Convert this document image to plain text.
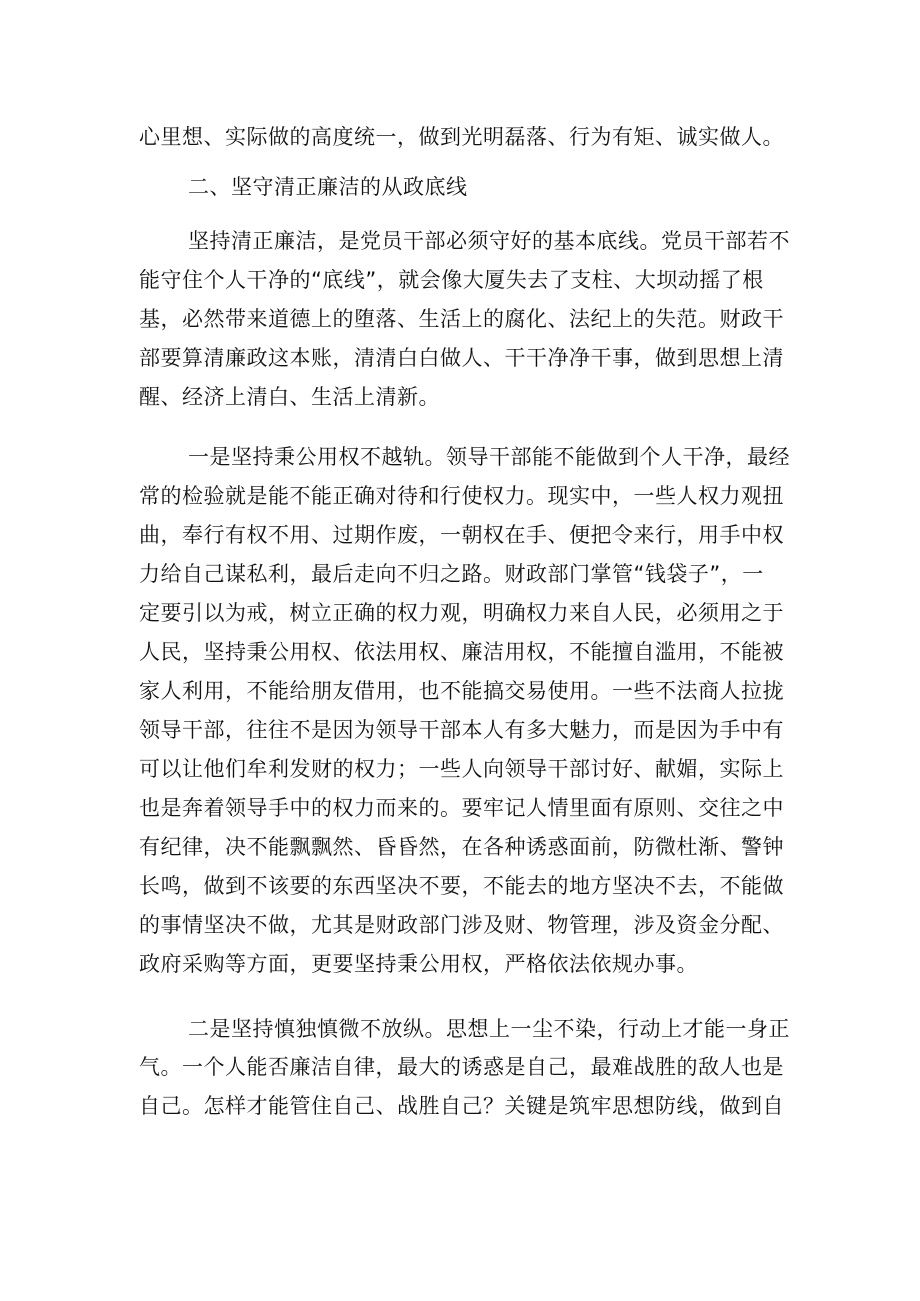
心里想、实际做的高度统一，做到光明磊落、行为有矩、诚实做人。
二、坚守清正廉洁的从政底线
坚持清正廉洁，是党员干部必须守好的基本底线。党员干部若不
能守住个人干净的“底线”，就会像大厦失去了支柱、大坝动摇了根
基，必然带来道德上的堕落、生活上的腐化、法纪上的失范。财政干
部要算清廉政这本账，清清白白做人、干干净净干事，做到思想上清
醒、经济上清白、生活上清新。
一是坚持秉公用权不越轨。领导干部能不能做到个人干净，最经
常的检验就是能不能正确对待和行使权力。现实中，一些人权力观扭
曲，奉行有权不用、过期作废，一朝权在手、便把令来行，用手中权
力给自己谋私利，最后走向不归之路。财政部门掌管“钱袋子”，一
定要引以为戒，树立正确的权力观，明确权力来自人民，必须用之于
人民，坚持秉公用权、依法用权、廉洁用权，不能擅自滥用，不能被
家人利用，不能给朋友借用，也不能搞交易使用。一些不法商人拉拢
领导干部，往往不是因为领导干部本人有多大魅力，而是因为手中有
可以让他们牟利发财的权力；一些人向领导干部讨好、献媚，实际上
也是奔着领导手中的权力而来的。要牢记人情里面有原则、交往之中
有纪律，决不能飘飘然、昏昏然，在各种诱惑面前，防微杜渐、警钟
长鸣，做到不该要的东西坚决不要，不能去的地方坚决不去，不能做
的事情坚决不做，尤其是财政部门涉及财、物管理，涉及资金分配、
政府采购等方面，更要坚持秉公用权，严格依法依规办事。
二是坚持慎独慎微不放纵。思想上一尘不染，行动上才能一身正
气。一个人能否廉洁自律，最大的诱惑是自己，最难战胜的敌人也是
自己。怎样才能管住自己、战胜自己？关键是筑牢思想防线，做到自
